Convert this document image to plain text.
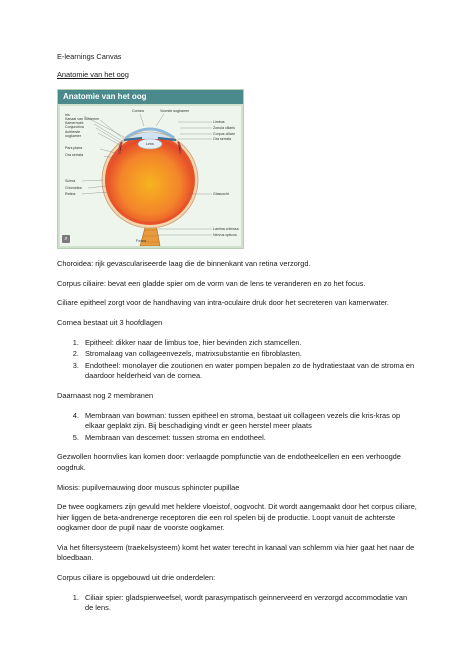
E-learnings Canvas

Anatomie van het oog

Anatomie van het oog
Iris
Kanaal van Schlemm
Kamerhoek
Conjunctiva
Achterste oogkamer
Pars plana
Ora serrata
Sclera
Choroidea
Retina
Cornea	Voorste oogkamer
Lens
Limbus
Zonula ciliaris
Corpus ciliare
Ora serrata
Glasvocht
Lamina cribrosa
Nervus opticus
Fovea
⌕

Choroidea: rijk gevasculariseerde laag die de binnenkant van retina verzorgd.

Corpus ciliaire: bevat een gladde spier om de vorm van de lens te veranderen en zo het focus.

Ciliare epitheel zorgt voor de handhaving van intra-oculaire druk door het secreteren van kamerwater.

Cornea bestaat uit 3 hoofdlagen

1. Epitheel: dikker naar de limbus toe, hier bevinden zich stamcellen.
2. Stromalaag van collageenvezels, matrixsubstantie en fibroblasten.
3. Endotheel: monolayer die zoutionen en water pompen bepalen zo de hydratiestaat van de stroma en daardoor helderheid van de cornea.

Daarnaast nog 2 membranen

4. Membraan van bowman: tussen epitheel en stroma, bestaat uit collageen vezels die kris-kras op elkaar geplakt zijn. Bij beschadiging vindt er geen herstel meer plaats
5. Membraan van descemet: tussen stroma en endotheel.

Gezwollen hoornvlies kan komen door: verlaagde pompfunctie van de endotheelcellen en een verhoogde oogdruk.

Miosis: pupilvernauwing door muscus sphincter pupillae

De twee oogkamers zijn gevuld met heldere vloeistof, oogvocht. Dit wordt aangemaakt door het corpus ciliare, hier liggen de beta-andrenerge receptoren die een rol spelen bij de productie. Loopt vanuit de achterste oogkamer door de pupil naar de voorste oogkamer.

Via het filtersysteem (traekelsysteem) komt het water terecht in kanaal van schlemm via hier gaat het naar de bloedbaan.

Corpus ciliare is opgebouwd uit drie onderdelen:

1. Ciliair spier: gladspierweefsel, wordt parasympatisch geinnerveerd en verzorgd accommodatie van de lens.
